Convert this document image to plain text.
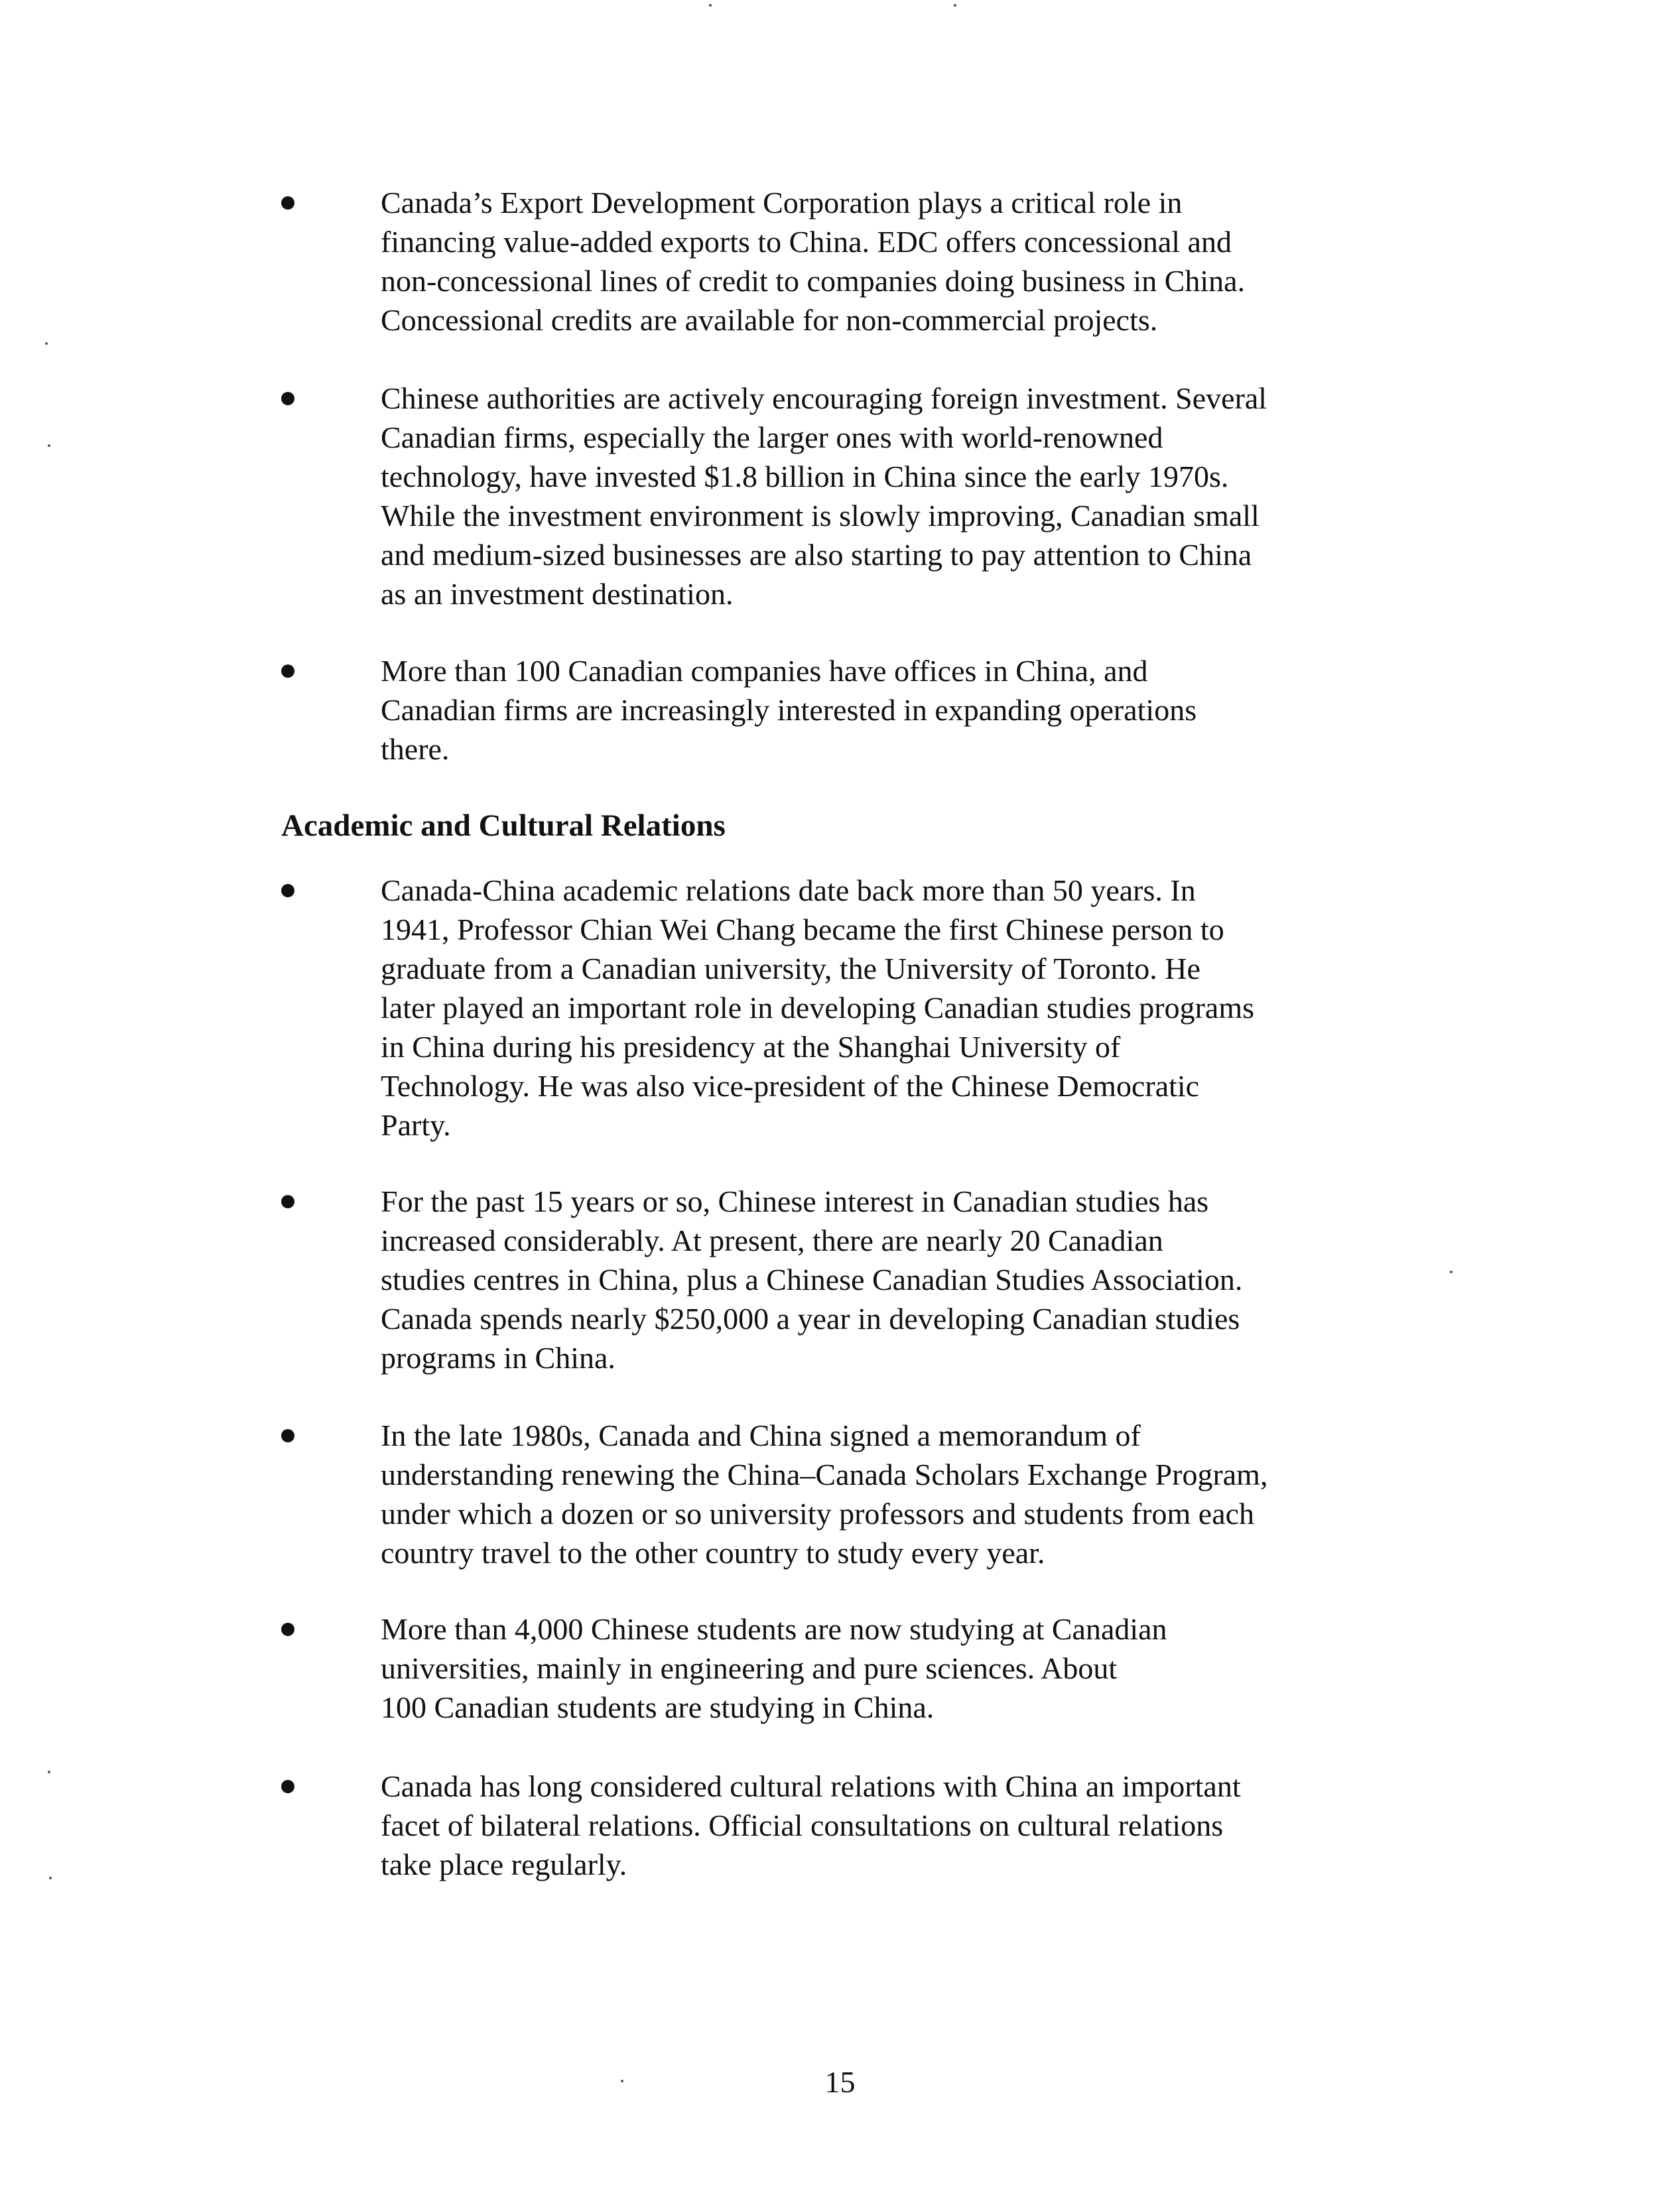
Canada’s Export Development Corporation plays a critical role in
financing value-added exports to China. EDC offers concessional and
non-concessional lines of credit to companies doing business in China.
Concessional credits are available for non-commercial projects.
Chinese authorities are actively encouraging foreign investment. Several
Canadian firms, especially the larger ones with world-renowned
technology, have invested $1.8 billion in China since the early 1970s.
While the investment environment is slowly improving, Canadian small
and medium-sized businesses are also starting to pay attention to China
as an investment destination.
More than 100 Canadian companies have offices in China, and
Canadian firms are increasingly interested in expanding operations
there.
Academic and Cultural Relations
Canada-China academic relations date back more than 50 years. In
1941, Professor Chian Wei Chang became the first Chinese person to
graduate from a Canadian university, the University of Toronto. He
later played an important role in developing Canadian studies programs
in China during his presidency at the Shanghai University of
Technology. He was also vice-president of the Chinese Democratic
Party.
For the past 15 years or so, Chinese interest in Canadian studies has
increased considerably. At present, there are nearly 20 Canadian
studies centres in China, plus a Chinese Canadian Studies Association.
Canada spends nearly $250,000 a year in developing Canadian studies
programs in China.
In the late 1980s, Canada and China signed a memorandum of
understanding renewing the China–Canada Scholars Exchange Program,
under which a dozen or so university professors and students from each
country travel to the other country to study every year.
More than 4,000 Chinese students are now studying at Canadian
universities, mainly in engineering and pure sciences. About
100 Canadian students are studying in China.
Canada has long considered cultural relations with China an important
facet of bilateral relations. Official consultations on cultural relations
take place regularly.
15
